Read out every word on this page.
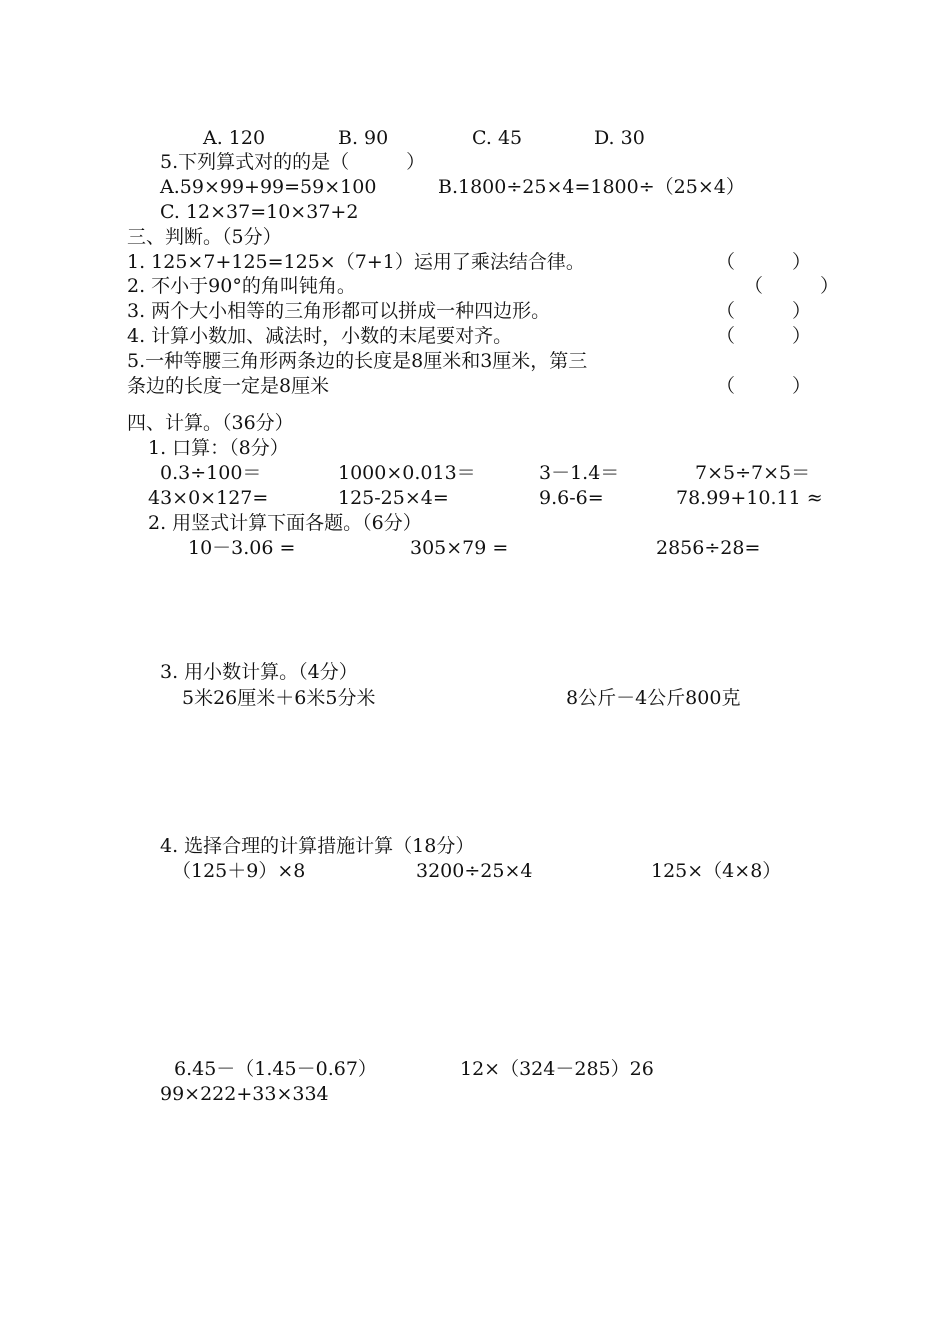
A. 120	B. 90	C. 45	D. 30
5.下列算式对的的是（　　　）
A.59×99+99=59×100	B.1800÷25×4=1800÷（25×4）
C. 12×37=10×37+2
三、判断。（5分）
1. 125×7+125=125×（7+1）运用了乘法结合律。	（　　　）
2. 不小于90°的角叫钝角。	（　　　）
3. 两个大小相等的三角形都可以拼成一种四边形。	（　　　）
4. 计算小数加、减法时，小数的末尾要对齐。	（　　　）
5.一种等腰三角形两条边的长度是8厘米和3厘米，第三
条边的长度一定是8厘米	（　　　）
四、计算。（36分）
1. 口算：（8分）
0.3÷100＝	1000×0.013＝	3－1.4＝	7×5÷7×5＝
43×0×127=	125-25×4=	9.6-6=	78.99+10.11 ≈
2. 用竖式计算下面各题。（6分）
10－3.06 =	305×79 =	2856÷28=
3. 用小数计算。（4分）
5米26厘米＋6米5分米	8公斤－4公斤800克
4. 选择合理的计算措施计算（18分）
（125＋9）×8	3200÷25×4	125×（4×8）
6.45－（1.45－0.67）	12×（324－285）26
99×222+33×334
